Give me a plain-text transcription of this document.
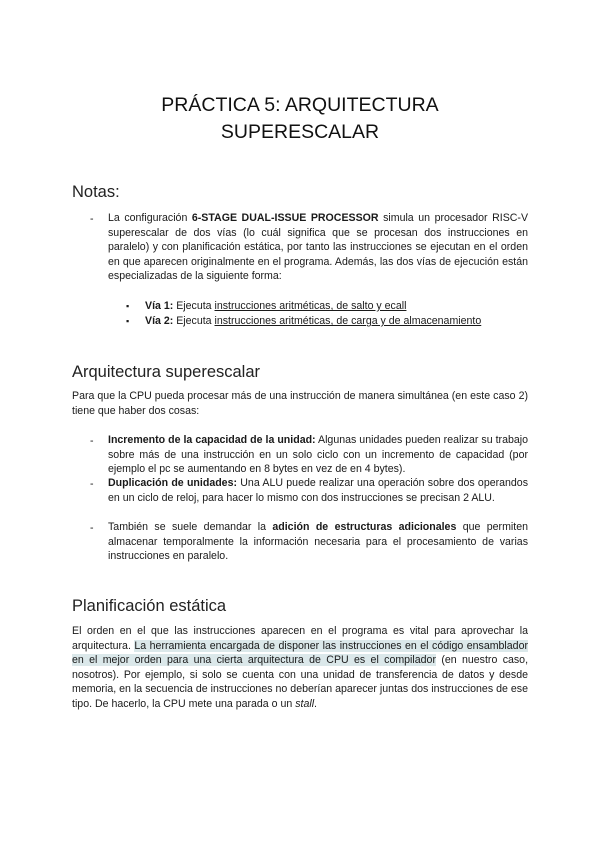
PRÁCTICA 5: ARQUITECTURA
SUPERESCALAR
Notas:
- La configuración 6-STAGE DUAL-ISSUE PROCESSOR simula un procesador RISC-V superescalar de dos vías (lo cuál significa que se procesan dos instrucciones en paralelo) y con planificación estática, por tanto las instrucciones se ejecutan en el orden en que aparecen originalmente en el programa. Además, las dos vías de ejecución están especializadas de la siguiente forma:
▪ Vía 1: Ejecuta instrucciones aritméticas, de salto y ecall
▪ Vía 2: Ejecuta instrucciones aritméticas, de carga y de almacenamiento
Arquitectura superescalar
Para que la CPU pueda procesar más de una instrucción de manera simultánea (en este caso 2) tiene que haber dos cosas:
- Incremento de la capacidad de la unidad: Algunas unidades pueden realizar su trabajo sobre más de una instrucción en un solo ciclo con un incremento de capacidad (por ejemplo el pc se aumentando en 8 bytes en vez de en 4 bytes).
- Duplicación de unidades: Una ALU puede realizar una operación sobre dos operandos en un ciclo de reloj, para hacer lo mismo con dos instrucciones se precisan 2 ALU.
- También se suele demandar la adición de estructuras adicionales que permiten almacenar temporalmente la información necesaria para el procesamiento de varias instrucciones en paralelo.
Planificación estática
El orden en el que las instrucciones aparecen en el programa es vital para aprovechar la arquitectura. La herramienta encargada de disponer las instrucciones en el código ensamblador en el mejor orden para una cierta arquitectura de CPU es el compilador (en nuestro caso, nosotros). Por ejemplo, si solo se cuenta con una unidad de transferencia de datos y desde memoria, en la secuencia de instrucciones no deberían aparecer juntas dos instrucciones de ese tipo. De hacerlo, la CPU mete una parada o un stall.
